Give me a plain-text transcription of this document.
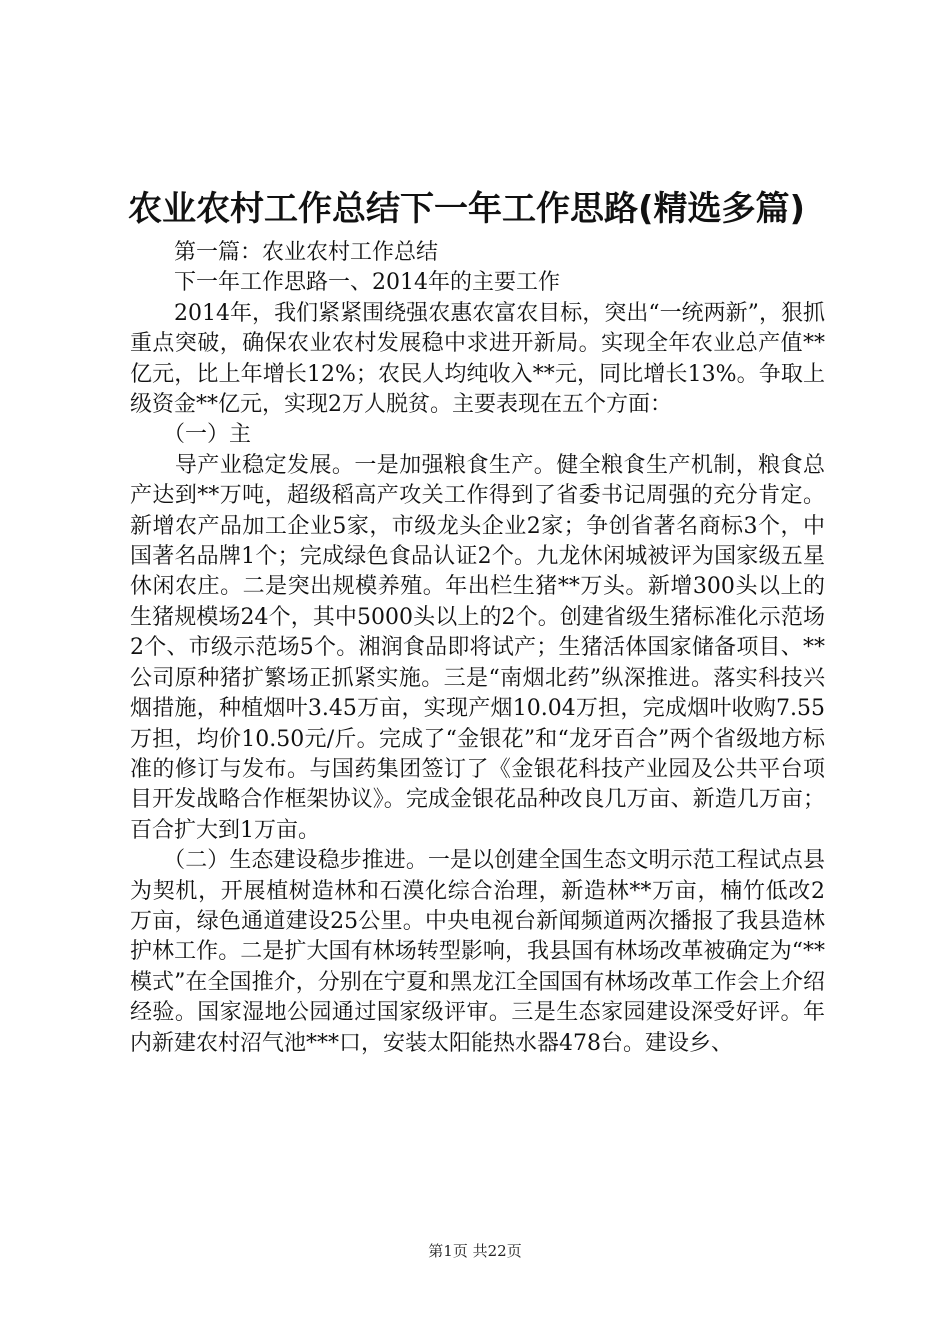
农业农村工作总结下一年工作思路(精选多篇)

　　第一篇：农业农村工作总结

　　下一年工作思路一、2014年的主要工作

　　2014年，我们紧紧围绕强农惠农富农目标，突出“一统两新”，狠抓重点突破，确保农业农村发展稳中求进开新局。实现全年农业总产值**亿元，比上年增长12%；农民人均纯收入**元，同比增长13%。争取上级资金**亿元，实现2万人脱贫。主要表现在五个方面：

　　（一）主

　　导产业稳定发展。一是加强粮食生产。健全粮食生产机制，粮食总产达到**万吨，超级稻高产攻关工作得到了省委书记周强的充分肯定。新增农产品加工企业5家，市级龙头企业2家；争创省著名商标3个，中国著名品牌1个；完成绿色食品认证2个。九龙休闲城被评为国家级五星休闲农庄。二是突出规模养殖。年出栏生猪**万头。新增300头以上的生猪规模场24个，其中5000头以上的2个。创建省级生猪标准化示范场2个、市级示范场5个。湘润食品即将试产；生猪活体国家储备项目、**公司原种猪扩繁场正抓紧实施。三是“南烟北药”纵深推进。落实科技兴烟措施，种植烟叶3.45万亩，实现产烟10.04万担，完成烟叶收购7.55万担，均价10.50元/斤。完成了“金银花”和“龙牙百合”两个省级地方标准的修订与发布。与国药集团签订了《金银花科技产业园及公共平台项目开发战略合作框架协议》。完成金银花品种改良几万亩、新造几万亩；百合扩大到1万亩。

　　（二）生态建设稳步推进。一是以创建全国生态文明示范工程试点县为契机，开展植树造林和石漠化综合治理，新造林**万亩，楠竹低改2万亩，绿色通道建设25公里。中央电视台新闻频道两次播报了我县造林护林工作。二是扩大国有林场转型影响，我县国有林场改革被确定为“**模式”在全国推介，分别在宁夏和黑龙江全国国有林场改革工作会上介绍经验。国家湿地公园通过国家级评审。三是生态家园建设深受好评。年内新建农村沼气池***口，安装太阳能热水器478台。建设乡、

第1页 共22页
